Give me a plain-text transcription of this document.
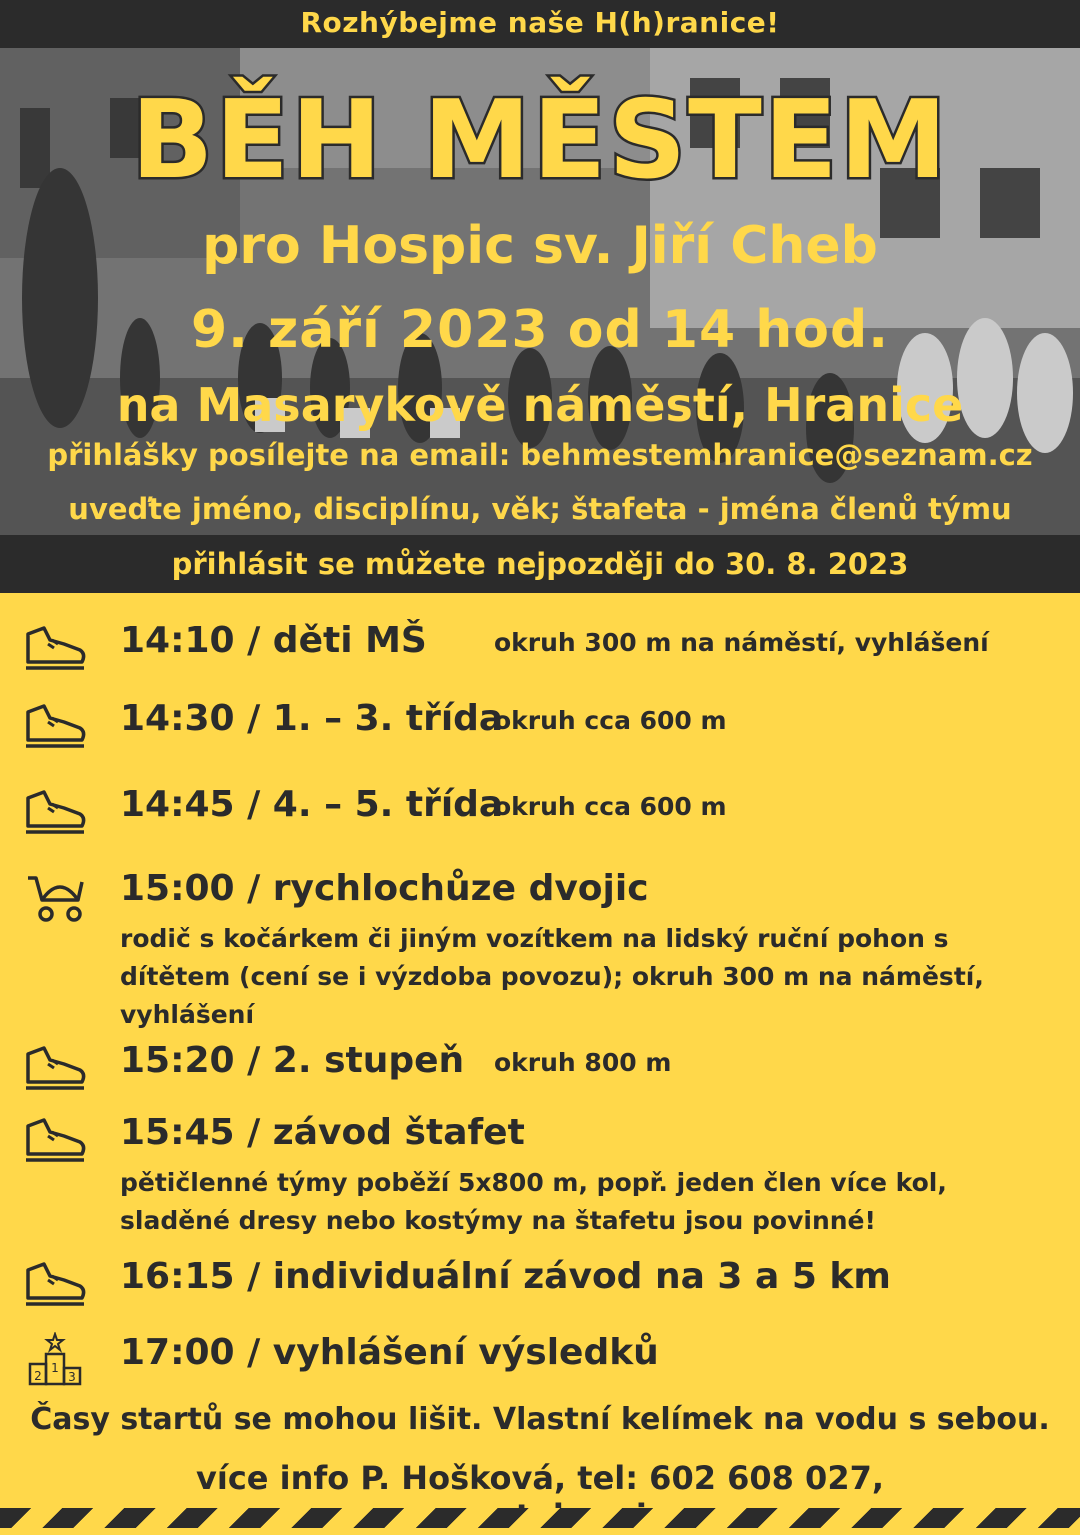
Rozhýbejme naše H(h)ranice!
BĚH MĚSTEM
pro Hospic sv. Jiří Cheb
9. září 2023 od 14 hod.
na Masarykově náměstí, Hranice
přihlášky posílejte na email: behmestemhranice@seznam.cz
uveďte jméno, disciplínu, věk; štafeta - jména členů týmu
přihlásit se můžete nejpozději do 30. 8. 2023
14:10 / děti MŠ	okruh 300 m na náměstí, vyhlášení
14:30 / 1. – 3. třída
okruh cca 600 m
14:45 / 4. – 5. třída
okruh cca 600 m
15:00 / rychlochůze dvojic
rodič s kočárkem či jiným vozítkem na lidský ruční pohon s dítětem (cení se i výzdoba povozu); okruh 300 m na náměstí, vyhlášení
15:20 / 2. stupeň okruh 800 m
15:45 / závod štafet
pětičlenné týmy poběží 5x800 m, popř. jeden člen více kol, sladěné dresy nebo kostýmy na štafetu jsou povinné!
16:15 / individuální závod na 3 a 5 km
2
1
3
17:00 / vyhlášení výsledků
Časy startů se mohou lišit. Vlastní kelímek na vodu s sebou.
více info P. Hošková, tel: 602 608 027,
